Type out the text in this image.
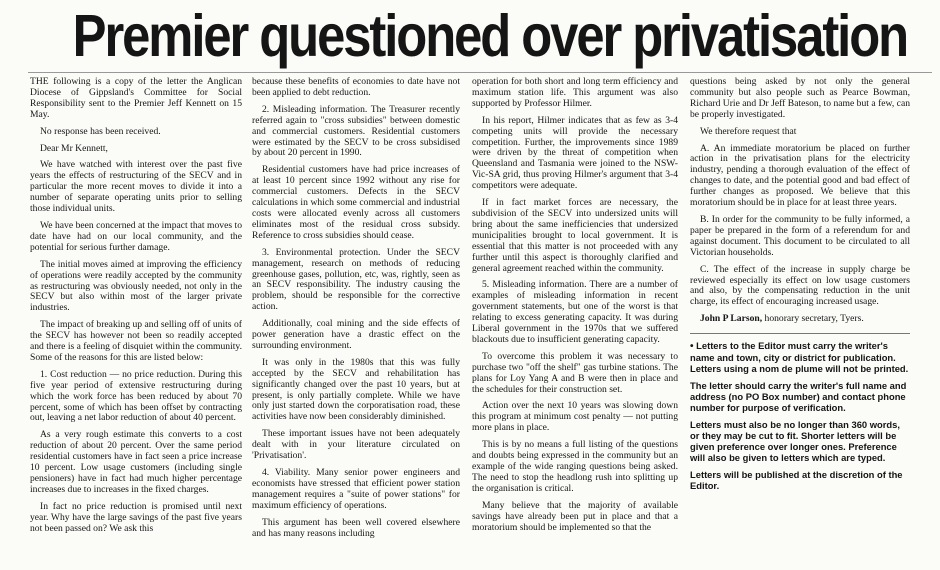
Premier questioned over privatisation

THE following is a copy of the letter the Anglican Diocese of Gippsland's Committee for Social Responsibility sent to the Premier Jeff Kennett on 15 May.

No response has been received.

Dear Mr Kennett,

We have watched with interest over the past five years the effects of restructuring of the SECV and in particular the more recent moves to divide it into a number of separate operating units prior to selling those individual units.

We have been concerned at the impact that moves to date have had on our local community, and the potential for serious further damage.

The initial moves aimed at improving the efficiency of operations were readily accepted by the community as restructuring was obviously needed, not only in the SECV but also within most of the larger private industries.

The impact of breaking up and selling off of units of the SECV has however not been so readily accepted and there is a feeling of disquiet within the community. Some of the reasons for this are listed below:

1. Cost reduction — no price reduction. During this five year period of extensive restructuring during which the work force has been reduced by about 70 percent, some of which has been offset by contracting out, leaving a net labor reduction of about 40 percent.

As a very rough estimate this converts to a cost reduction of about 20 percent. Over the same period residential customers have in fact seen a price increase 10 percent. Low usage customers (including single pensioners) have in fact had much higher percentage increases due to increases in the fixed charges.

In fact no price reduction is promised until next year. Why have the large savings of the past five years not been passed on? We ask this

because these benefits of economies to date have not been applied to debt reduction.

2. Misleading information. The Treasurer recently referred again to "cross subsidies" between domestic and commercial customers. Residential customers were estimated by the SECV to be cross subsidised by about 20 percent in 1990.

Residential customers have had price increases of at least 10 percent since 1992 without any rise for commercial customers. Defects in the SECV calculations in which some commercial and industrial costs were allocated evenly across all customers eliminates most of the residual cross subsidy. Reference to cross subsidies should cease.

3. Environmental protection. Under the SECV management, research on methods of reducing greenhouse gases, pollution, etc, was, rightly, seen as an SECV responsibility. The industry causing the problem, should be responsible for the corrective action.

Additionally, coal mining and the side effects of power generation have a drastic effect on the surrounding environment.

It was only in the 1980s that this was fully accepted by the SECV and rehabilitation has significantly changed over the past 10 years, but at present, is only partially complete. While we have only just started down the corporatisation road, these activities have now been considerably diminished.

These important issues have not been adequately dealt with in your literature circulated on 'Privatisation'.

4. Viability. Many senior power engineers and economists have stressed that efficient power station management requires a "suite of power stations" for maximum efficiency of operations.

This argument has been well covered elsewhere and has many reasons including

operation for both short and long term efficiency and maximum station life. This argument was also supported by Professor Hilmer.

In his report, Hilmer indicates that as few as 3-4 competing units will provide the necessary competition. Further, the improvements since 1989 were driven by the threat of competition when Queensland and Tasmania were joined to the NSW-Vic-SA grid, thus proving Hilmer's argument that 3-4 competitors were adequate.

If in fact market forces are necessary, the subdivision of the SECV into undersized units will bring about the same inefficiencies that undersized municipalities brought to local government. It is essential that this matter is not proceeded with any further until this aspect is thoroughly clarified and general agreement reached within the community.

5. Misleading information. There are a number of examples of misleading information in recent government statements, but one of the worst is that relating to excess generating capacity. It was during Liberal government in the 1970s that we suffered blackouts due to insufficient generating capacity.

To overcome this problem it was necessary to purchase two "off the shelf" gas turbine stations. The plans for Loy Yang A and B were then in place and the schedules for their construction set.

Action over the next 10 years was slowing down this program at minimum cost penalty — not putting more plans in place.

This is by no means a full listing of the questions and doubts being expressed in the community but an example of the wide ranging questions being asked. The need to stop the headlong rush into splitting up the organisation is critical.

Many believe that the majority of available savings have already been put in place and that a moratorium should be implemented so that the

questions being asked by not only the general community but also people such as Pearce Bowman, Richard Urie and Dr Jeff Bateson, to name but a few, can be properly investigated.

We therefore request that

A. An immediate moratorium be placed on further action in the privatisation plans for the electricity industry, pending a thorough evaluation of the effect of changes to date, and the potential good and bad effect of further changes as proposed. We believe that this moratorium should be in place for at least three years.

B. In order for the community to be fully informed, a paper be prepared in the form of a referendum for and against document. This document to be circulated to all Victorian households.

C. The effect of the increase in supply charge be reviewed especially its effect on low usage customers and also, by the compensating reduction in the unit charge, its effect of encouraging increased usage.

John P Larson, honorary secretary, Tyers.

• Letters to the Editor must carry the writer's name and town, city or district for publication. Letters using a nom de plume will not be printed.

The letter should carry the writer's full name and address (no PO Box number) and contact phone number for purpose of verification.

Letters must also be no longer than 360 words, or they may be cut to fit. Shorter letters will be given preference over longer ones. Preference will also be given to letters which are typed.

Letters will be published at the discretion of the Editor.
